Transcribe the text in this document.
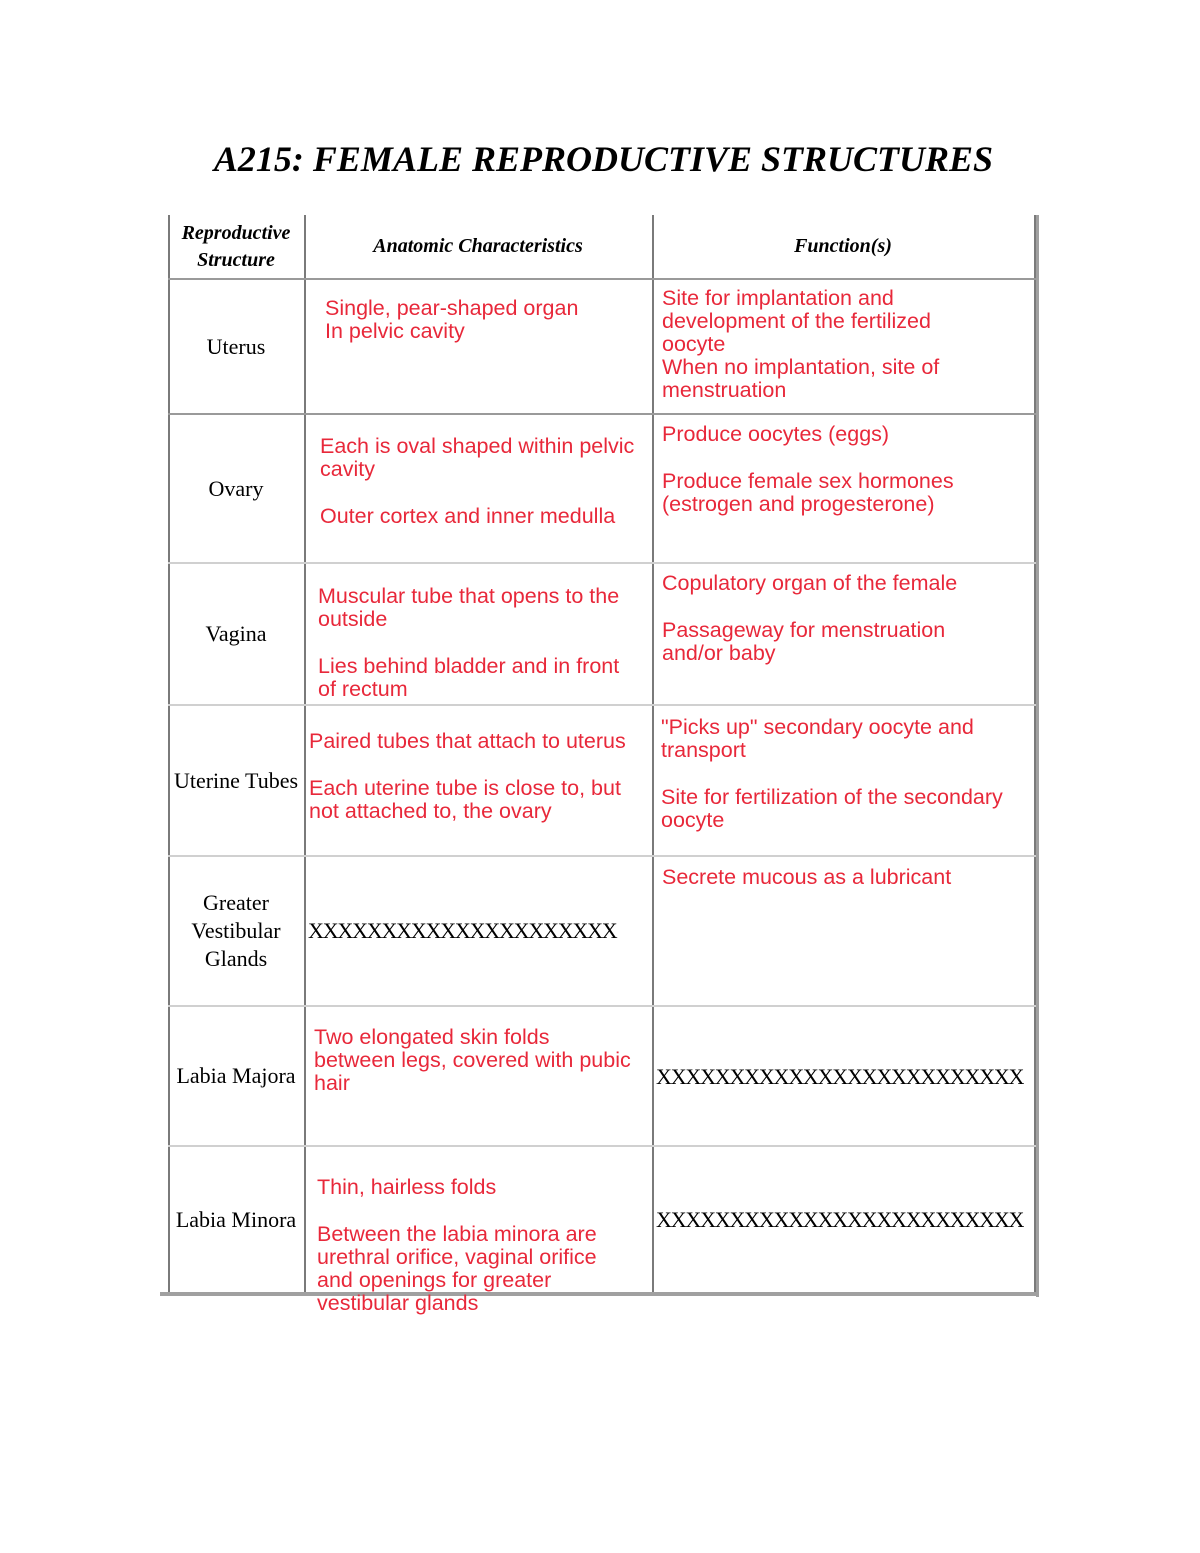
A215: FEMALE REPRODUCTIVE STRUCTURES
Reproductive Structure
Anatomic Characteristics	Function(s)
Uterus
Single, pear-shaped organ
In pelvic cavity
Site for implantation and development of the fertilized oocyte
When no implantation, site of menstruation
Ovary

Each is oval shaped within pelvic cavity

Outer cortex and inner medulla

Produce oocytes (eggs)

Produce female sex hormones (estrogen and progesterone)

Vagina

Muscular tube that opens to the outside

Lies behind bladder and in front of rectum

Copulatory organ of the female

Passageway for menstruation and/or baby

Uterine Tubes

Paired tubes that attach to uterus

Each uterine tube is close to, but not attached to, the ovary

"Picks up" secondary oocyte and transport

Site for fertilization of the secondary oocyte

Greater Vestibular Glands
XXXXXXXXXXXXXXXXXXXXX

Secrete mucous as a lubricant

Labia Majora

Two elongated skin folds between legs, covered with pubic hair	XXXXXXXXXXXXXXXXXXXXXXXXX
Labia Minora

Thin, hairless folds

Between the labia minora are urethral orifice, vaginal orifice and openings for greater vestibular glands

XXXXXXXXXXXXXXXXXXXXXXXXX
